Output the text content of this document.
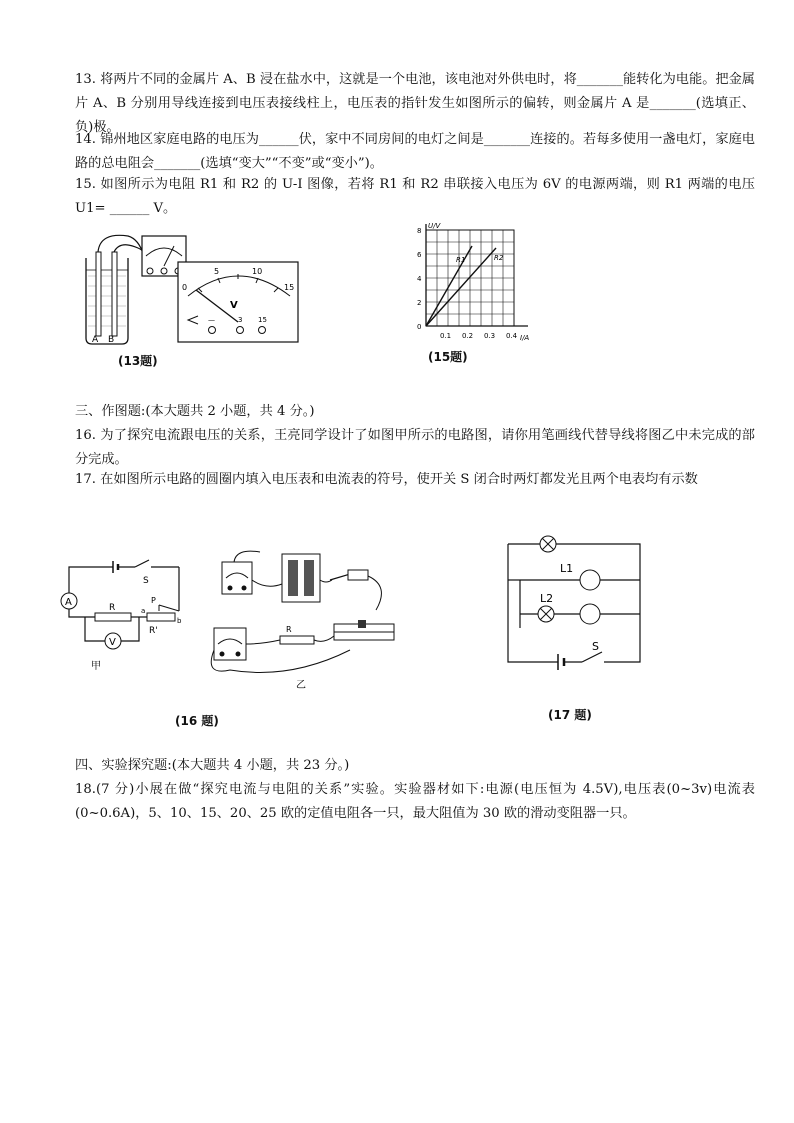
13. 将两片不同的金属片 A、B 浸在盐水中，这就是一个电池，该电池对外供电时，将_______能转化为电能。把金属片 A、B 分别用导线连接到电压表接线柱上，电压表的指针发生如图所示的偏转，则金属片 A 是_______(选填正、负)极。
14. 锦州地区家庭电路的电压为______伏，家中不同房间的电灯之间是_______连接的。若每多使用一盏电灯，家庭电路的总电阻会_______(选填“变大”“不变”或“变小”)。
15. 如图所示为电阻 R1 和 R2 的 U-I 图像，若将 R1 和 R2 串联接入电压为 6V 的电源两端，则 R1 两端的电压 U1= ______ V。
A B
0
5	10
15
V
—	3 15
(13题)
U/V
I/A
8
6
4
2
0
0.1 0.2 0.3 0.4
R1	R2
(15题)
三、作图题:(本大题共 2 小题，共 4 分。)
16. 为了探究电流跟电压的关系，王亮同学设计了如图甲所示的电路图，请你用笔画线代替导线将图乙中未完成的部分完成。
17. 在如图所示电路的圆圈内填入电压表和电流表的符号，使开关 S 闭合时两灯都发光且两个电表均有示数
S
A	R
R'
P
a
b
V
甲
R
乙
(16 题)
S
L1
L2
(17 题)
四、实验探究题:(本大题共 4 小题，共 23 分。)
18.(7 分)小展在做“探究电流与电阻的关系”实验。实验器材如下:电源(电压恒为 4.5V),电压表(0~3v)电流表(0~0.6A)，5、10、15、20、25 欧的定值电阻各一只，最大阻值为 30 欧的滑动变阻器一只。
